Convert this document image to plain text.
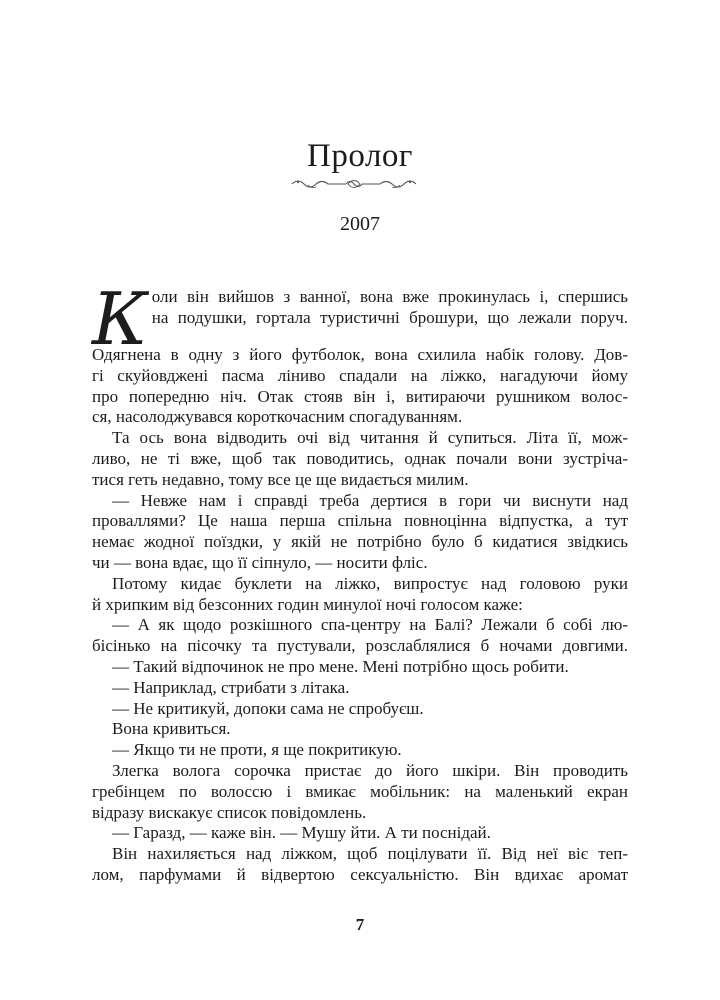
Пролог
2007
К оли він вийшов з ванної, вона вже прокинулась і, спершись
на подушки, гортала туристичні брошури, що лежали поруч.
Одягнена в одну з його футболок, вона схилила набік голову. Дов-
гі скуйовджені пасма ліниво спадали на ліжко, нагадуючи йому
про попередню ніч. Отак стояв він і, витираючи рушником волос-
ся, насолоджувався короткочасним спогадуванням.
Та ось вона відводить очі від читання й супиться. Літа її, мож-
ливо, не ті вже, щоб так поводитись, однак почали вони зустріча-
тися геть недавно, тому все це ще видається милим.
— Невже нам і справді треба дертися в гори чи виснути над
проваллями? Це наша перша спільна повноцінна відпустка, а тут
немає жодної поїздки, у якій не потрібно було б кидатися звідкись
чи — вона вдає, що її сіпнуло, — носити фліс.
Потому кидає буклети на ліжко, випростує над головою руки
й хрипким від безсонних годин минулої ночі голосом каже:
— А як щодо розкішного спа-центру на Балі? Лежали б собі лю-
бісінько на пісочку та пустували, розслаблялися б ночами довгими.
— Такий відпочинок не про мене. Мені потрібно щось робити.
— Наприклад, стрибати з літака.
— Не критикуй, допоки сама не спробуєш.
Вона кривиться.
— Якщо ти не проти, я ще покритикую.
Злегка волога сорочка пристає до його шкіри. Він проводить
гребінцем по волоссю і вмикає мобільник: на маленький екран
відразу вискакує список повідомлень.
— Гаразд, — каже він. — Мушу йти. А ти поснідай.
Він нахиляється над ліжком, щоб поцілувати її. Від неї віє теп-
лом, парфумами й відвертою сексуальністю. Він вдихає аромат
7
